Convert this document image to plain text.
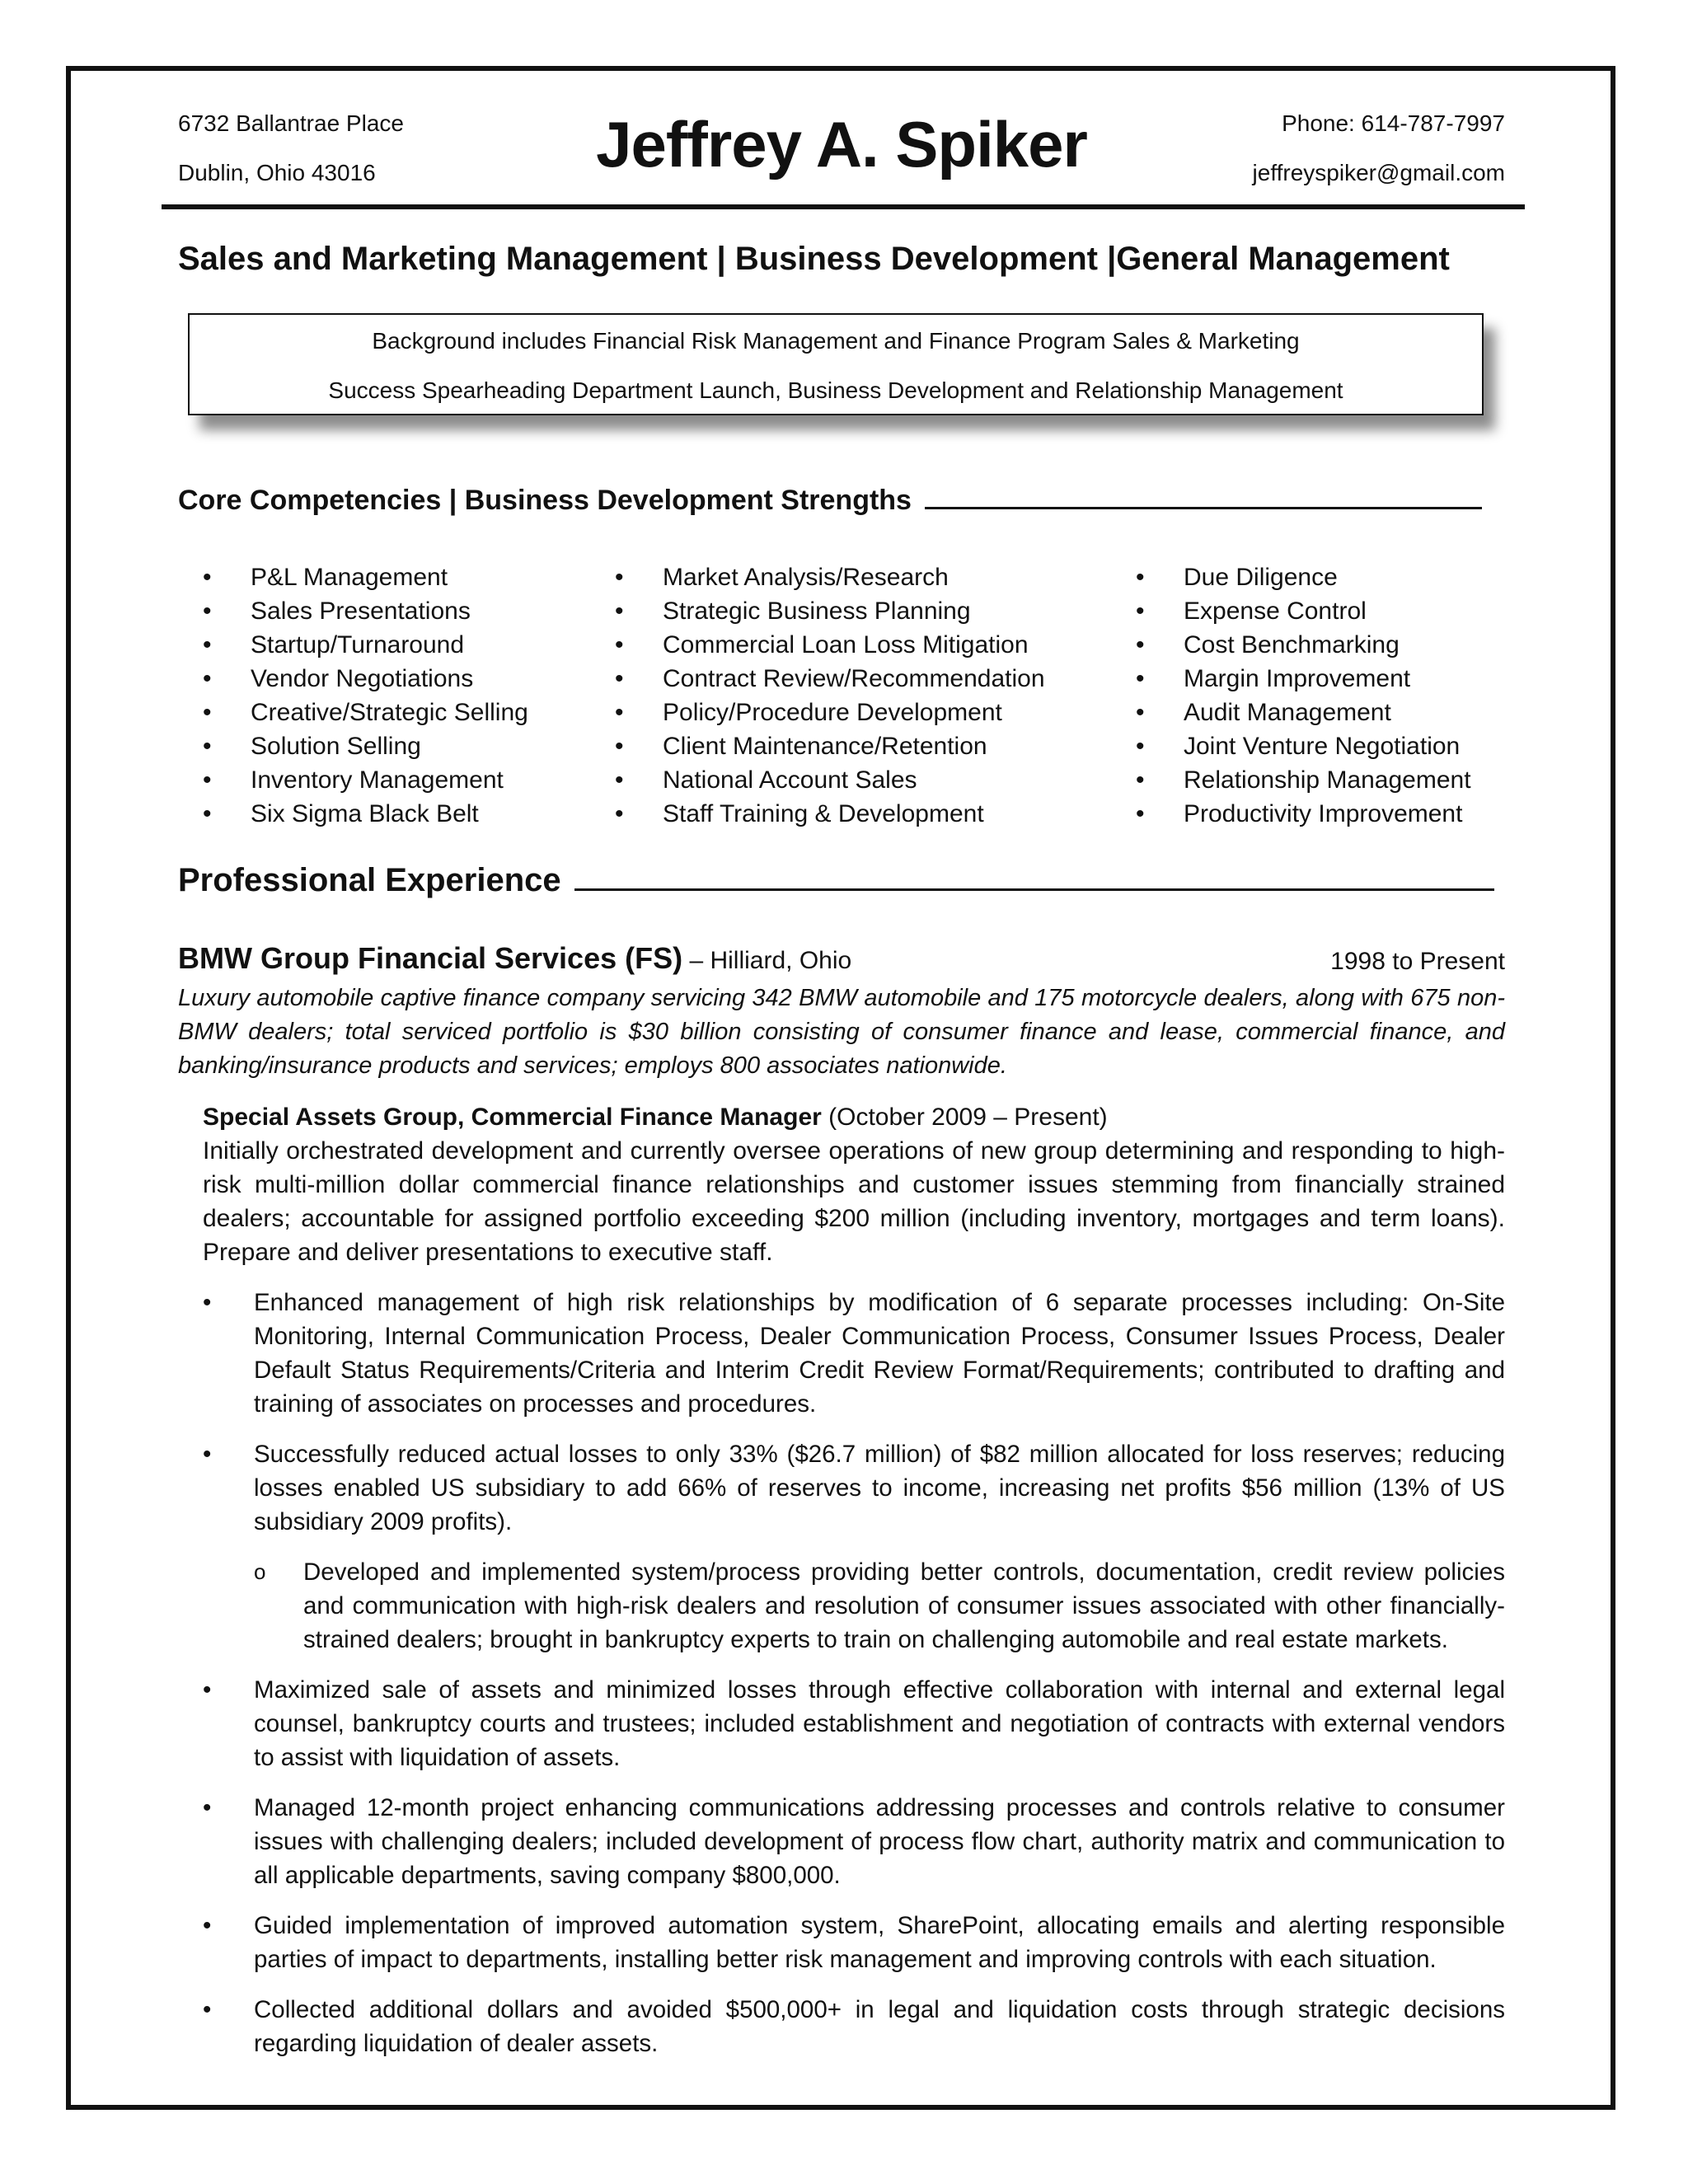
6732 Ballantrae Place
Dublin, Ohio 43016	Jeffrey A. Spiker	Phone: 614-787-7997
jeffreyspiker@gmail.com
Sales and Marketing Management | Business Development |General Management
Background includes Financial Risk Management and Finance Program Sales & Marketing
Success Spearheading Department Launch, Business Development and Relationship Management
Core Competencies | Business Development Strengths
• P&L Management
• Sales Presentations
• Startup/Turnaround
• Vendor Negotiations
• Creative/Strategic Selling
• Solution Selling
• Inventory Management
• Six Sigma Black Belt
• Market Analysis/Research
• Strategic Business Planning
• Commercial Loan Loss Mitigation
• Contract Review/Recommendation
• Policy/Procedure Development
• Client Maintenance/Retention
• National Account Sales
• Staff Training & Development
• Due Diligence
• Expense Control
• Cost Benchmarking
• Margin Improvement
• Audit Management
• Joint Venture Negotiation
• Relationship Management
• Productivity Improvement
Professional Experience
BMW Group Financial Services (FS) – Hilliard, Ohio	1998 to Present
Luxury automobile captive finance company servicing 342 BMW automobile and 175 motorcycle dealers, along with 675 non-BMW dealers; total serviced portfolio is $30 billion consisting of consumer finance and lease, commercial finance, and banking/insurance products and services; employs 800 associates nationwide.
Special Assets Group, Commercial Finance Manager (October 2009 – Present)
Initially orchestrated development and currently oversee operations of new group determining and responding to high-risk multi-million dollar commercial finance relationships and customer issues stemming from financially strained dealers; accountable for assigned portfolio exceeding $200 million (including inventory, mortgages and term loans). Prepare and deliver presentations to executive staff.
• Enhanced management of high risk relationships by modification of 6 separate processes including: On-Site Monitoring, Internal Communication Process, Dealer Communication Process, Consumer Issues Process, Dealer Default Status Requirements/Criteria and Interim Credit Review Format/Requirements; contributed to drafting and training of associates on processes and procedures.
• Successfully reduced actual losses to only 33% ($26.7 million) of $82 million allocated for loss reserves; reducing losses enabled US subsidiary to add 66% of reserves to income, increasing net profits $56 million (13% of US subsidiary 2009 profits).
o Developed and implemented system/process providing better controls, documentation, credit review policies and communication with high-risk dealers and resolution of consumer issues associated with other financially-strained dealers; brought in bankruptcy experts to train on challenging automobile and real estate markets.
• Maximized sale of assets and minimized losses through effective collaboration with internal and external legal counsel, bankruptcy courts and trustees; included establishment and negotiation of contracts with external vendors to assist with liquidation of assets.
• Managed 12-month project enhancing communications addressing processes and controls relative to consumer issues with challenging dealers; included development of process flow chart, authority matrix and communication to all applicable departments, saving company $800,000.
• Guided implementation of improved automation system, SharePoint, allocating emails and alerting responsible parties of impact to departments, installing better risk management and improving controls with each situation.
• Collected additional dollars and avoided $500,000+ in legal and liquidation costs through strategic decisions regarding liquidation of dealer assets.
